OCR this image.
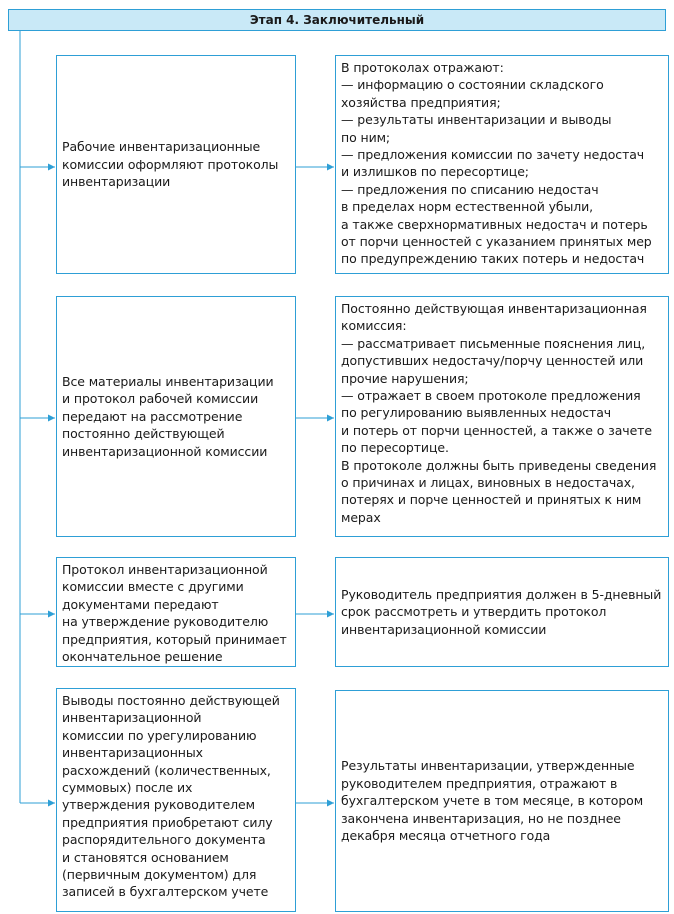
Этап 4. Заключительный
Рабочие инвентаризационные
комиссии оформляют протоколы
инвентаризации
В протоколах отражают:
— информацию о состоянии складского
хозяйства предприятия;
— результаты инвентаризации и выводы
по ним;
— предложения комиссии по зачету недостач
и излишков по пересортице;
— предложения по списанию недостач
в пределах норм естественной убыли,
а также сверхнормативных недостач и потерь
от порчи ценностей с указанием принятых мер
по предупреждению таких потерь и недостач
Все материалы инвентаризации
и протокол рабочей комиссии
передают на рассмотрение
постоянно действующей
инвентаризационной комиссии
Постоянно действующая инвентаризационная
комиссия:
— рассматривает письменные пояснения лиц,
допустивших недостачу/порчу ценностей или
прочие нарушения;
— отражает в своем протоколе предложения
по регулированию выявленных недостач
и потерь от порчи ценностей, а также о зачете
по пересортице.
В протоколе должны быть приведены сведения
о причинах и лицах, виновных в недостачах,
потерях и порче ценностей и принятых к ним
мерах
Протокол инвентаризационной
комиссии вместе с другими
документами передают
на утверждение руководителю
предприятия, который принимает
окончательное решение
Руководитель предприятия должен в 5-дневный
срок рассмотреть и утвердить протокол
инвентаризационной комиссии
Выводы постоянно действующей
инвентаризационной
комиссии по урегулированию
инвентаризационных
расхождений (количественных,
суммовых) после их
утверждения руководителем
предприятия приобретают силу
распорядительного документа
и становятся основанием
(первичным документом) для
записей в бухгалтерском учете
Результаты инвентаризации, утвержденные
руководителем предприятия, отражают в
бухгалтерском учете в том месяце, в котором
закончена инвентаризация, но не позднее
декабря месяца отчетного года
